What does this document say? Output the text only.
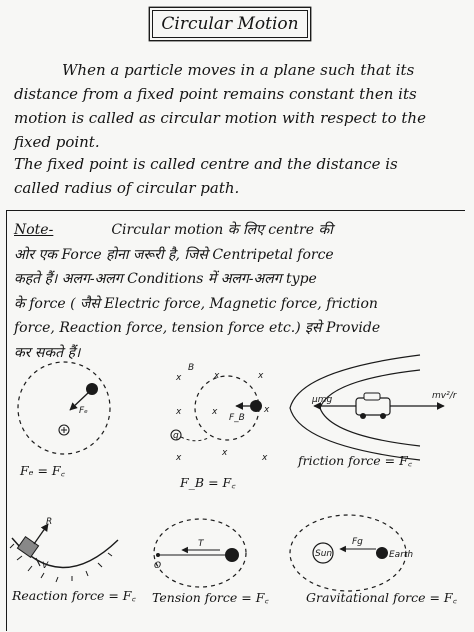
Circular Motion
When a particle moves in a plane such that its
distance from a fixed point remains constant then its
motion is called as circular motion with respect to the
fixed point.
The fixed point is called centre and the distance is
called radius of circular path.
Note-	Circular motion के लिए centre की
ओर एक Force होना जरूरी है, जिसे Centripetal force
कहते हैं। अलग-अलग Conditions में अलग-अलग type
के force ( जैसे Electric force, Magnetic force, friction
force, Reaction force, tension force etc.) इसे Provide
कर सकते हैं।
Fₑ
F_B
q
B
x	x	x
x	x	x
x	x	x
μmg	mv²/r
R
V	O
T
Sun
Fg
Earth
Fₑ = F꜀
F_B = F꜀
friction force = F꜀
Reaction force = F꜀ Tension force = F꜀	Gravitational force = F꜀
